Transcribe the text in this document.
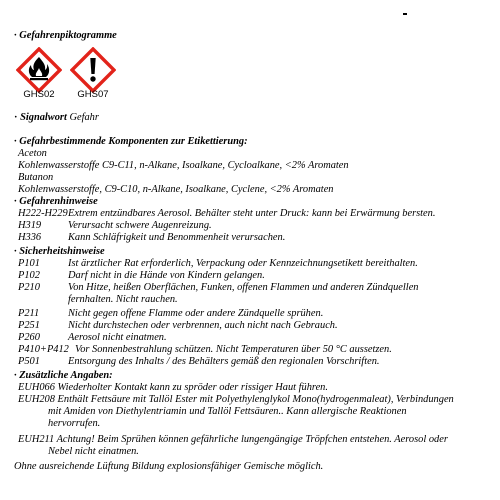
· Gefahrenpiktogramme
GHS02	GHS07
· Signalwort Gefahr
· Gefahrbestimmende Komponenten zur Etikettierung:
Aceton
Kohlenwasserstoffe C9-C11, n-Alkane, Isoalkane, Cycloalkane, <2% Aromaten
Butanon
Kohlenwasserstoffe, C9-C10, n-Alkane, Isoalkane, Cyclene, <2% Aromaten
· Gefahrenhinweise
H222-H229 Extrem entzündbares Aerosol. Behälter steht unter Druck: kann bei Erwärmung bersten.
H319	Verursacht schwere Augenreizung.
H336	Kann Schläfrigkeit und Benommenheit verursachen.
· Sicherheitshinweise
P101	Ist ärztlicher Rat erforderlich, Verpackung oder Kennzeichnungsetikett bereithalten.
P102	Darf nicht in die Hände von Kindern gelangen.
P210	Von Hitze, heißen Oberflächen, Funken, offenen Flammen und anderen Zündquellen
fernhalten. Nicht rauchen.
P211	Nicht gegen offene Flamme oder andere Zündquelle sprühen.
P251	Nicht durchstechen oder verbrennen, auch nicht nach Gebrauch.
P260	Aerosol nicht einatmen.
P410+P412 Vor Sonnenbestrahlung schützen. Nicht Temperaturen über 50 °C aussetzen.
P501	Entsorgung des Inhalts / des Behälters gemäß den regionalen Vorschriften.
· Zusätzliche Angaben:
EUH066 Wiederholter Kontakt kann zu spröder oder rissiger Haut führen.
EUH208 Enthält Fettsäure mit Tallöl Ester mit Polyethylenglykol Mono(hydrogenmaleat), Verbindungen
mit Amiden von Diethylentriamin und Tallöl Fettsäuren.. Kann allergische Reaktionen
hervorrufen.
EUH211 Achtung! Beim Sprühen können gefährliche lungengängige Tröpfchen entstehen. Aerosol oder
Nebel nicht einatmen.
Ohne ausreichende Lüftung Bildung explosionsfähiger Gemische möglich.
